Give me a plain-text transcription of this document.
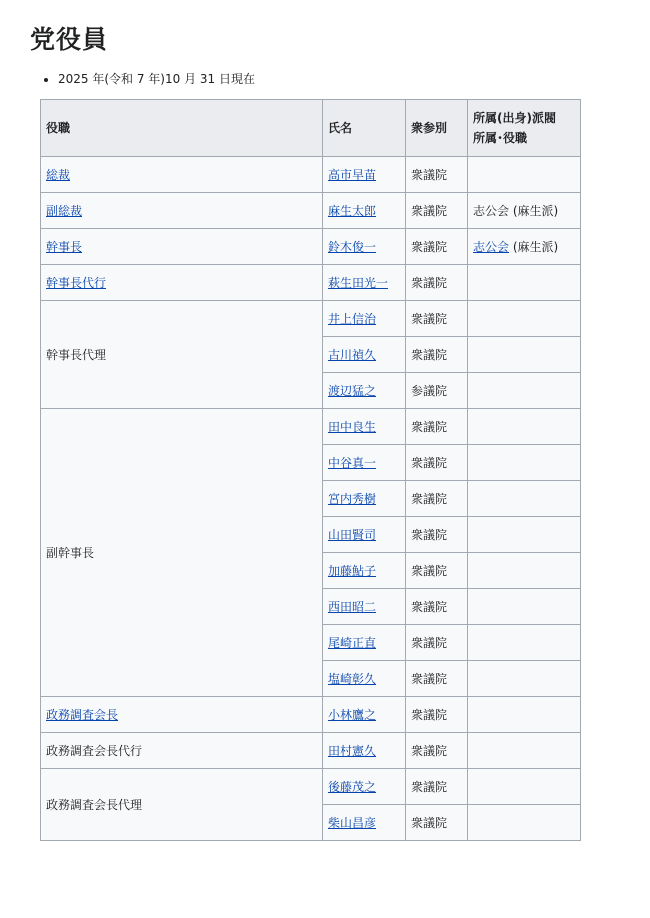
党役員
• 2025 年(令和 7 年)10 月 31 日現在
役職	氏名	衆参別	所属(出身)派閥
所属･役職
総裁	高市早苗	衆議院	
副総裁	麻生太郎	衆議院	志公会 (麻生派)
幹事長	鈴木俊一	衆議院	志公会 (麻生派)
幹事長代行	萩生田光一	衆議院	
幹事長代理	井上信治	衆議院	
	古川禎久	衆議院	
	渡辺猛之	参議院	
副幹事長	田中良生	衆議院	
	中谷真一	衆議院	
	宮内秀樹	衆議院	
	山田賢司	衆議院	
	加藤鮎子	衆議院	
	西田昭二	衆議院	
	尾崎正直	衆議院	
	塩崎彰久	衆議院	
政務調査会長	小林鷹之	衆議院	
政務調査会長代行	田村憲久	衆議院	
政務調査会長代理	後藤茂之	衆議院	
	柴山昌彦	衆議院	
